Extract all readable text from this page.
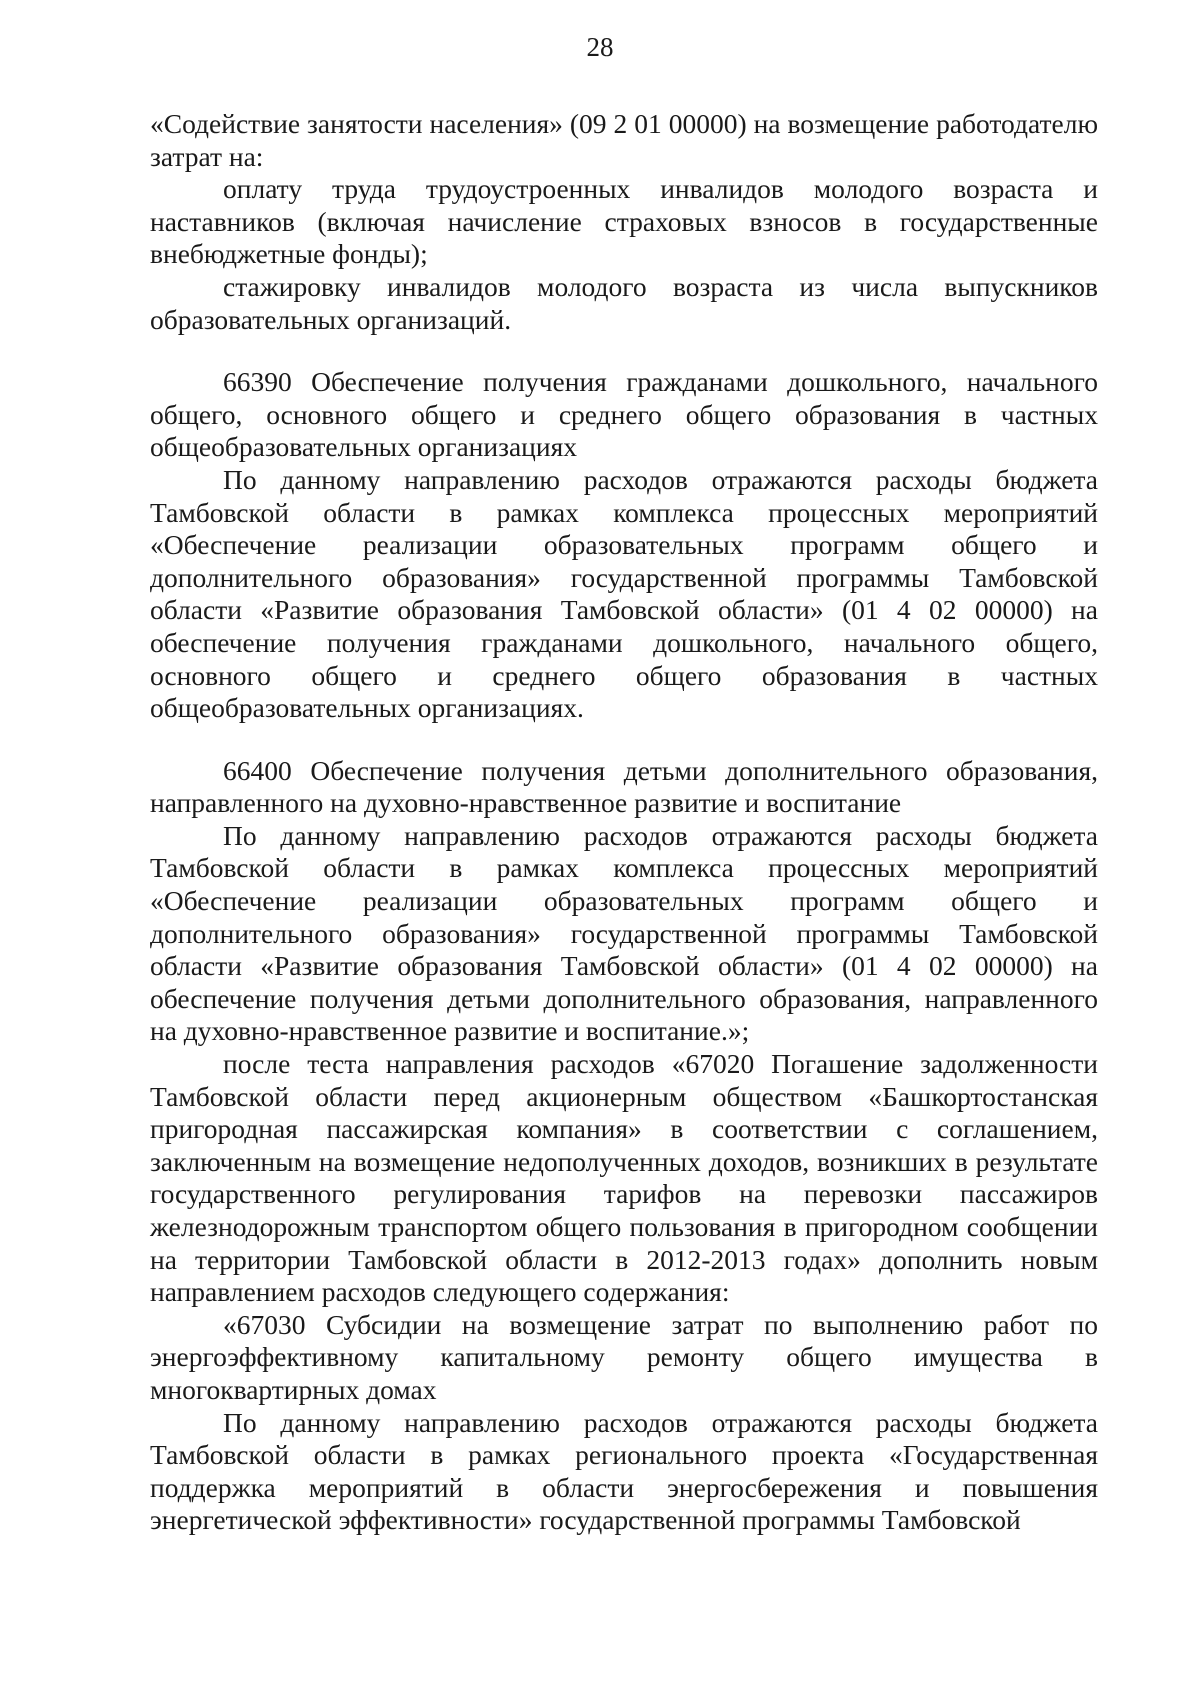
28

«Содействие занятости населения» (09 2 01 00000) на возмещение работодателю затрат на:

оплату труда трудоустроенных инвалидов молодого возраста и наставников (включая начисление страховых взносов в государственные внебюджетные фонды);

стажировку инвалидов молодого возраста из числа выпускников образовательных организаций.

66390 Обеспечение получения гражданами дошкольного, начального общего, основного общего и среднего общего образования в частных общеобразовательных организациях

По данному направлению расходов отражаются расходы бюджета Тамбовской области в рамках комплекса процессных мероприятий «Обеспечение реализации образовательных программ общего и дополнительного образования» государственной программы Тамбовской области «Развитие образования Тамбовской области» (01 4 02 00000) на обеспечение получения гражданами дошкольного, начального общего, основного общего и среднего общего образования в частных общеобразовательных организациях.

66400 Обеспечение получения детьми дополнительного образования, направленного на духовно-нравственное развитие и воспитание

По данному направлению расходов отражаются расходы бюджета Тамбовской области в рамках комплекса процессных мероприятий «Обеспечение реализации образовательных программ общего и дополнительного образования» государственной программы Тамбовской области «Развитие образования Тамбовской области» (01 4 02 00000) на обеспечение получения детьми дополнительного образования, направленного на духовно-нравственное развитие и воспитание.»;

после теста направления расходов «67020 Погашение задолженности Тамбовской области перед акционерным обществом «Башкортостанская пригородная пассажирская компания» в соответствии с соглашением, заключенным на возмещение недополученных доходов, возникших в результате государственного регулирования тарифов на перевозки пассажиров железнодорожным транспортом общего пользования в пригородном сообщении на территории Тамбовской области в 2012-2013 годах» дополнить новым направлением расходов следующего содержания:

«67030 Субсидии на возмещение затрат по выполнению работ по энергоэффективному капитальному ремонту общего имущества в многоквартирных домах

По данному направлению расходов отражаются расходы бюджета Тамбовской области в рамках регионального проекта «Государственная поддержка мероприятий в области энергосбережения и повышения энергетической эффективности» государственной программы Тамбовской
